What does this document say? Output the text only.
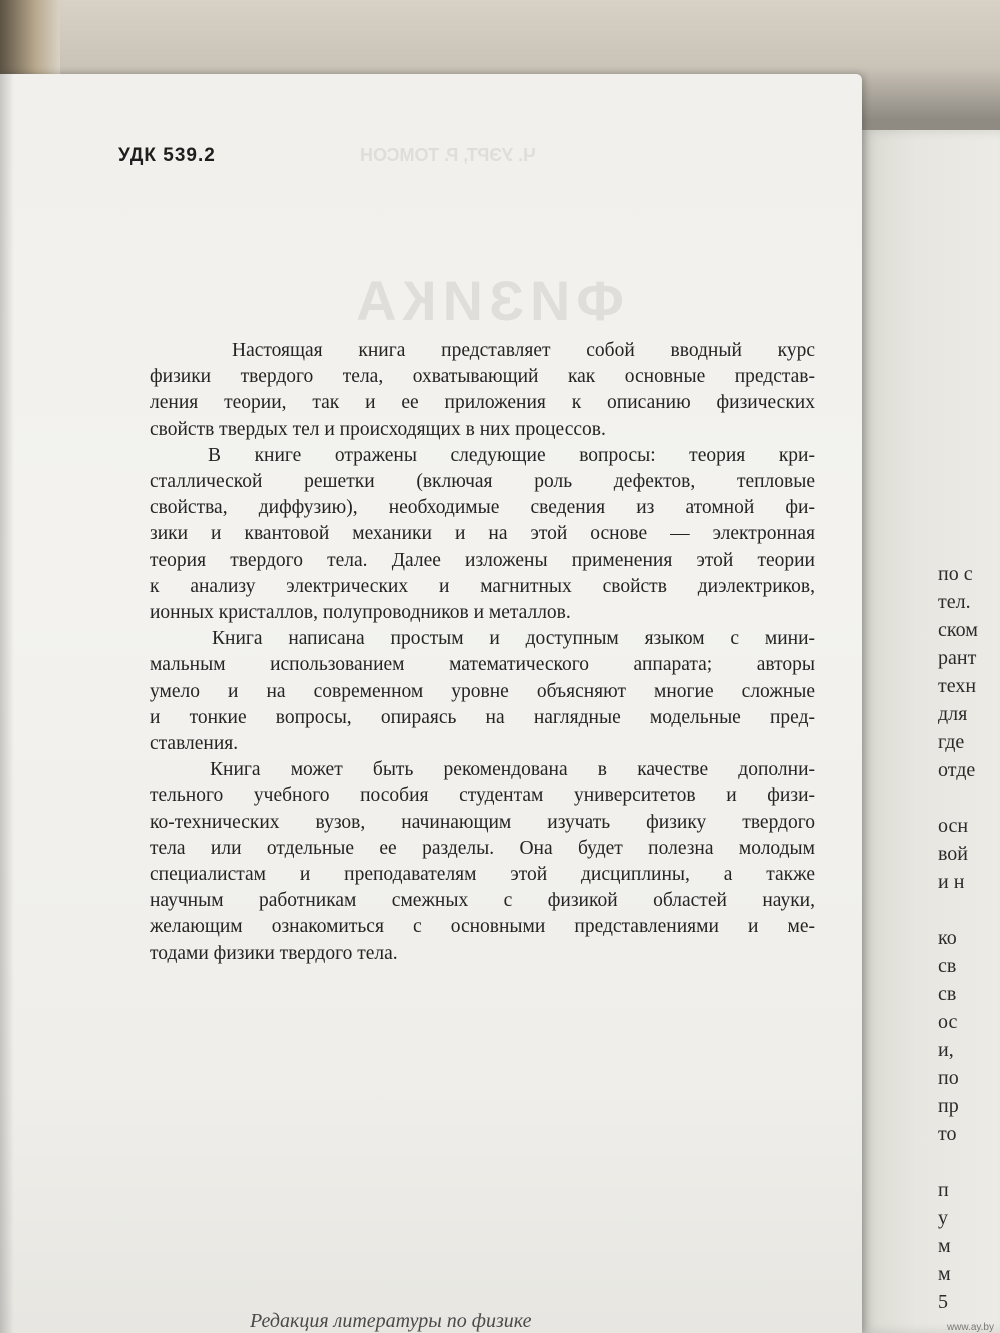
по с
тел.
ском
рант
техн
для
где
отде

осн
вой
и н

ко
св
св
ос
и,
по
пр
то

п
у
м
м
5
Ч. УЭРТ, Р. ТОМСОН
ФИЗИКА
УДК 539.2
Настоящая книга представляет собой вводный курс
физики твердого тела, охватывающий как основные представ-
ления теории, так и ее приложения к описанию физических
свойств твердых тел и происходящих в них процессов.
В книге отражены следующие вопросы: теория кри-
сталлической решетки (включая роль дефектов, тепловые
свойства, диффузию), необходимые сведения из атомной фи-
зики и квантовой механики и на этой основе — электронная
теория твердого тела. Далее изложены применения этой теории
к анализу электрических и магнитных свойств диэлектриков,
ионных кристаллов, полупроводников и металлов.
Книга написана простым и доступным языком с мини-
мальным использованием математического аппарата; авторы
умело и на современном уровне объясняют многие сложные
и тонкие вопросы, опираясь на наглядные модельные пред-
ставления.
Книга может быть рекомендована в качестве дополни-
тельного учебного пособия студентам университетов и физи-
ко-технических вузов, начинающим изучать физику твердого
тела или отдельные ее разделы. Она будет полезна молодым
специалистам и преподавателям этой дисциплины, а также
научным работникам смежных с физикой областей науки,
желающим ознакомиться с основными представлениями и ме-
тодами физики твердого тела.
Редакция литературы по физике	www.ay.by
